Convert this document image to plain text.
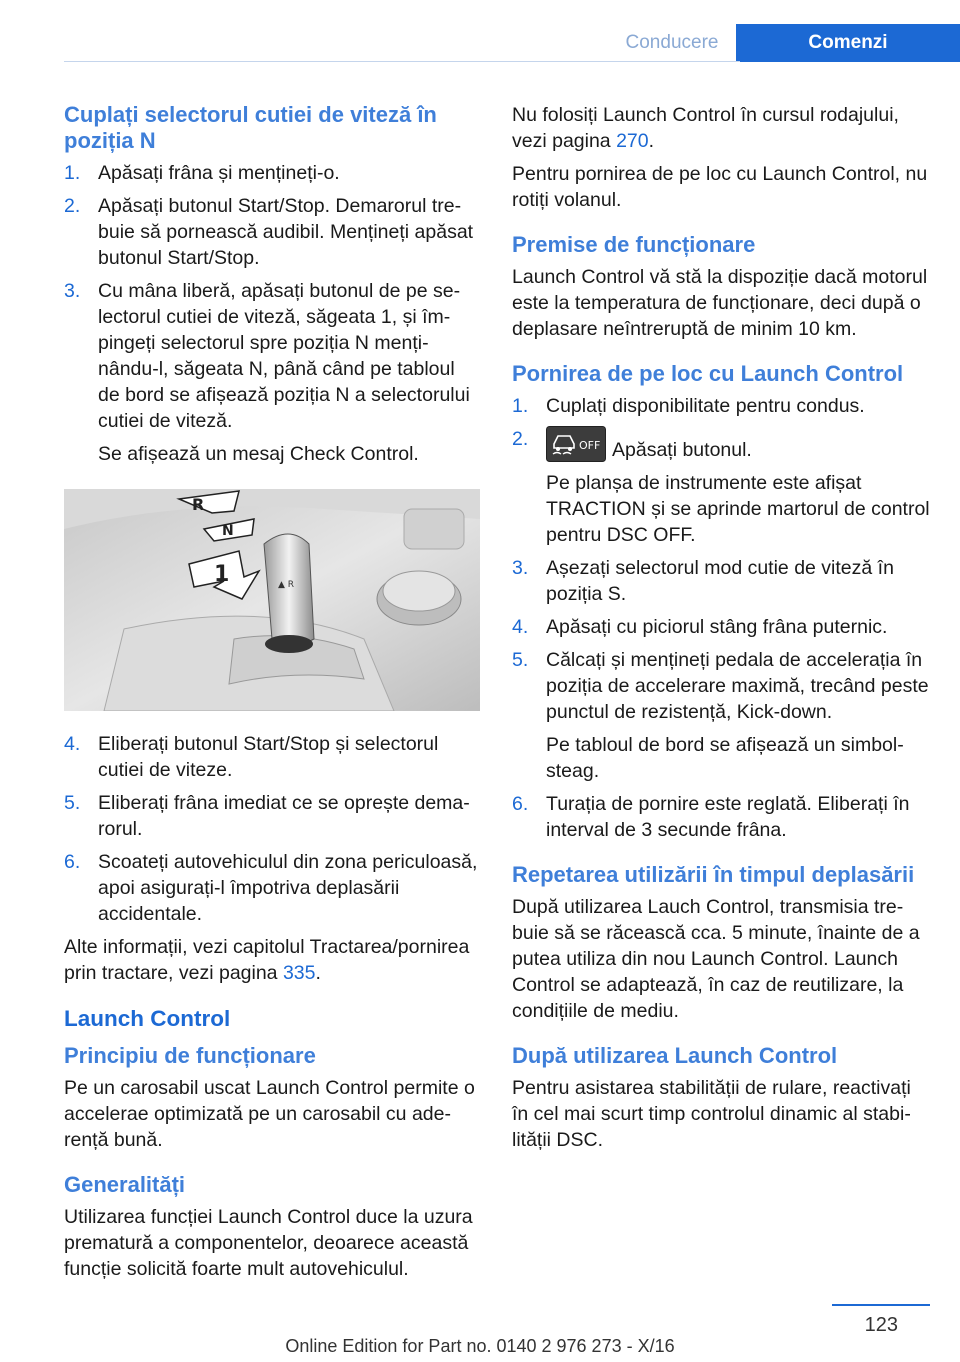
Conducere	Comenzi
Cuplați selectorul cutiei de viteză în poziția N
1. Apăsați frâna și mențineți-o.
2. Apăsați butonul Start/Stop. Demarorul trebuie să pornească audibil. Mențineți apăsat butonul Start/Stop.
3. Cu mâna liberă, apăsați butonul de pe selectorul cutiei de viteză, săgeata 1, și împingeți selectorul spre poziția N menținându-l, săgeata N, până când pe tabloul de bord se afișează poziția N a selectorului cutiei de viteză.

Se afișează un mesaj Check Control.

▲ R
R
N
1
4. Eliberați butonul Start/Stop și selectorul cutiei de viteze.
5. Eliberați frâna imediat ce se oprește demarorul.
6. Scoateți autovehiculul din zona periculoasă, apoi asigurați-l împotriva deplasării accidentale.

Alte informații, vezi capitolul Tractarea/pornirea prin tractare, vezi pagina 335.

Launch Control
Principiu de funcționare

Pe un carosabil uscat Launch Control permite o accelerae optimizată pe un carosabil cu aderență bună.

Generalități

Utilizarea funcției Launch Control duce la uzura prematură a componentelor, deoarece această funcție solicită foarte mult autovehiculul.

Nu folosiți Launch Control în cursul rodajului, vezi pagina 270.

Pentru pornirea de pe loc cu Launch Control, nu rotiți volanul.

Premise de funcționare

Launch Control vă stă la dispoziție dacă motorul este la temperatura de funcționare, deci după o deplasare neîntreruptă de minim 10 km.

Pornirea de pe loc cu Launch Control
1. Cuplați disponibilitate pentru condus.
2.	OFF Apăsați butonul.

Pe planșa de instrumente este afișat TRACTION și se aprinde martorul de control pentru DSC OFF.

3. Așezați selectorul mod cutie de viteză în poziția S.
4. Apăsați cu piciorul stâng frâna puternic.
5. Călcați și mențineți pedala de accelerația în poziția de accelerare maximă, trecând peste punctul de rezistență, Kick-down.

Pe tabloul de bord se afișează un simbolsteag.

6. Turația de pornire este reglată. Eliberați în interval de 3 secunde frâna.
Repetarea utilizării în timpul deplasării

După utilizarea Lauch Control, transmisia trebuie să se răcească cca. 5 minute, înainte de a putea utiliza din nou Launch Control. Launch Control se adaptează, în caz de reutilizare, la condițiile de mediu.

După utilizarea Launch Control

Pentru asistarea stabilității de rulare, reactivați în cel mai scurt timp controlul dinamic al stabilității DSC.

123
Online Edition for Part no. 0140 2 976 273 - X/16
